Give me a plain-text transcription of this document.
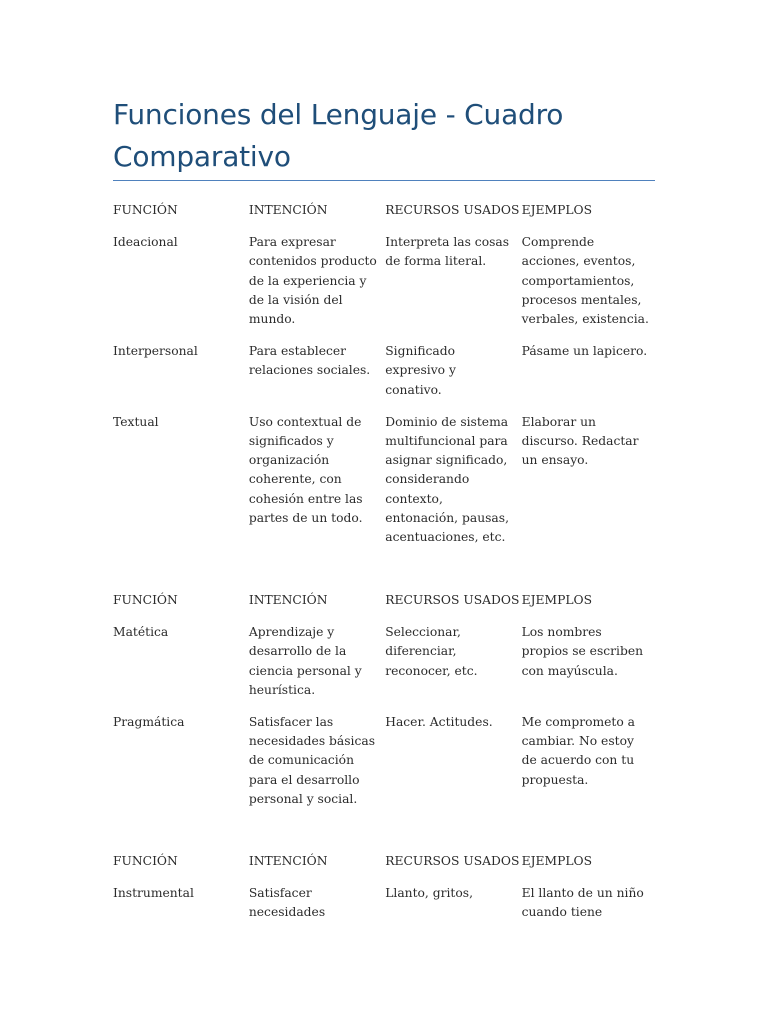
Funciones del Lenguaje - Cuadro Comparativo
FUNCIÓN	INTENCIÓN	RECURSOS USADOS	EJEMPLOS
Ideacional	Para expresar contenidos producto de la experiencia y de la visión del mundo.	Interpreta las cosas de forma literal.	Comprende acciones, eventos, comportamientos, procesos mentales, verbales, existencia.
Interpersonal	Para establecer relaciones sociales.	Significado expresivo y conativo.	Pásame un lapicero.
Textual	Uso contextual de significados y organización coherente, con cohesión entre las partes de un todo.	Dominio de sistema multifuncional para asignar significado, considerando contexto, entonación, pausas, acentuaciones, etc.	Elaborar un discurso. Redactar un ensayo.
FUNCIÓN	INTENCIÓN	RECURSOS USADOS	EJEMPLOS
Matética	Aprendizaje y desarrollo de la ciencia personal y heurística.	Seleccionar, diferenciar, reconocer, etc.	Los nombres propios se escriben con mayúscula.
Pragmática	Satisfacer las necesidades básicas de comunicación para el desarrollo personal y social.	Hacer. Actitudes.	Me comprometo a cambiar. No estoy de acuerdo con tu propuesta.
FUNCIÓN	INTENCIÓN	RECURSOS USADOS	EJEMPLOS
Instrumental	Satisfacer necesidades	Llanto, gritos,	El llanto de un niño cuando tiene
